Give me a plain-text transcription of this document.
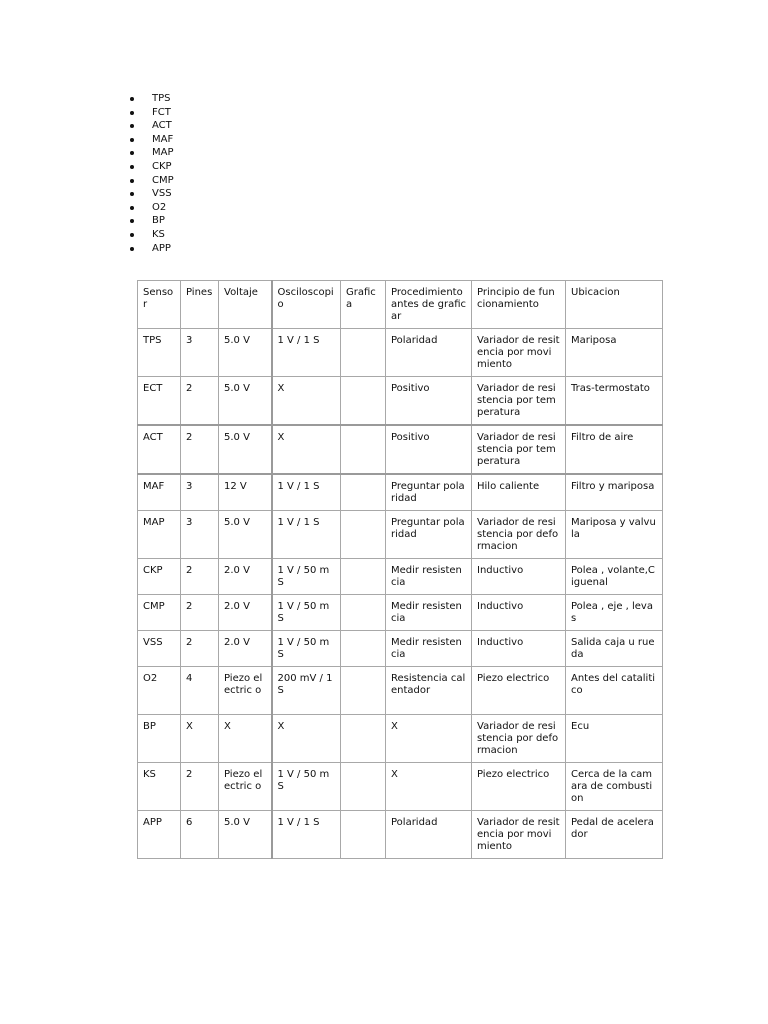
TPS
FCT
ACT
MAF
MAP
CKP
CMP
VSS
O2
BP
KS
APP
Senso r	Pines	Voltaje	Osciloscopi o	Grafic a	Procedimiento antes de graficar	Principio de funcionamiento	Ubicacion
TPS	3	5.0 V	1 V / 1 S		Polaridad	Variador de resitencia por movimiento	Mariposa
ECT	2	5.0 V	X		Positivo	Variador de resistencia por temperatura	Tras-termostato
ACT	2	5.0 V	X		Positivo	Variador de resistencia por temperatura	Filtro de aire
MAF	3	12 V	1 V / 1 S		Preguntar polaridad	Hilo caliente	Filtro y mariposa
MAP	3	5.0 V	1 V / 1 S		Preguntar polaridad	Variador de resistencia por deformacion	Mariposa y valvula
CKP	2	2.0 V	1 V / 50 mS		Medir resistencia	Inductivo	Polea , volante,Ciguenal
CMP	2	2.0 V	1 V / 50 mS		Medir resistencia	Inductivo	Polea , eje , levas
VSS	2	2.0 V	1 V / 50 mS		Medir resistencia	Inductivo	Salida caja u rueda
O2	4	Piezo electric o	200 mV / 1 S		Resistencia calentador	Piezo electrico	Antes del catalitico
BP	X	X	X		X	Variador de resistencia por deformacion	Ecu
KS	2	Piezo electric o	1 V / 50 mS		X	Piezo electrico	Cerca de la camara de combustion
APP	6	5.0 V	1 V / 1 S		Polaridad	Variador de resitencia por movimiento	Pedal de acelerador
